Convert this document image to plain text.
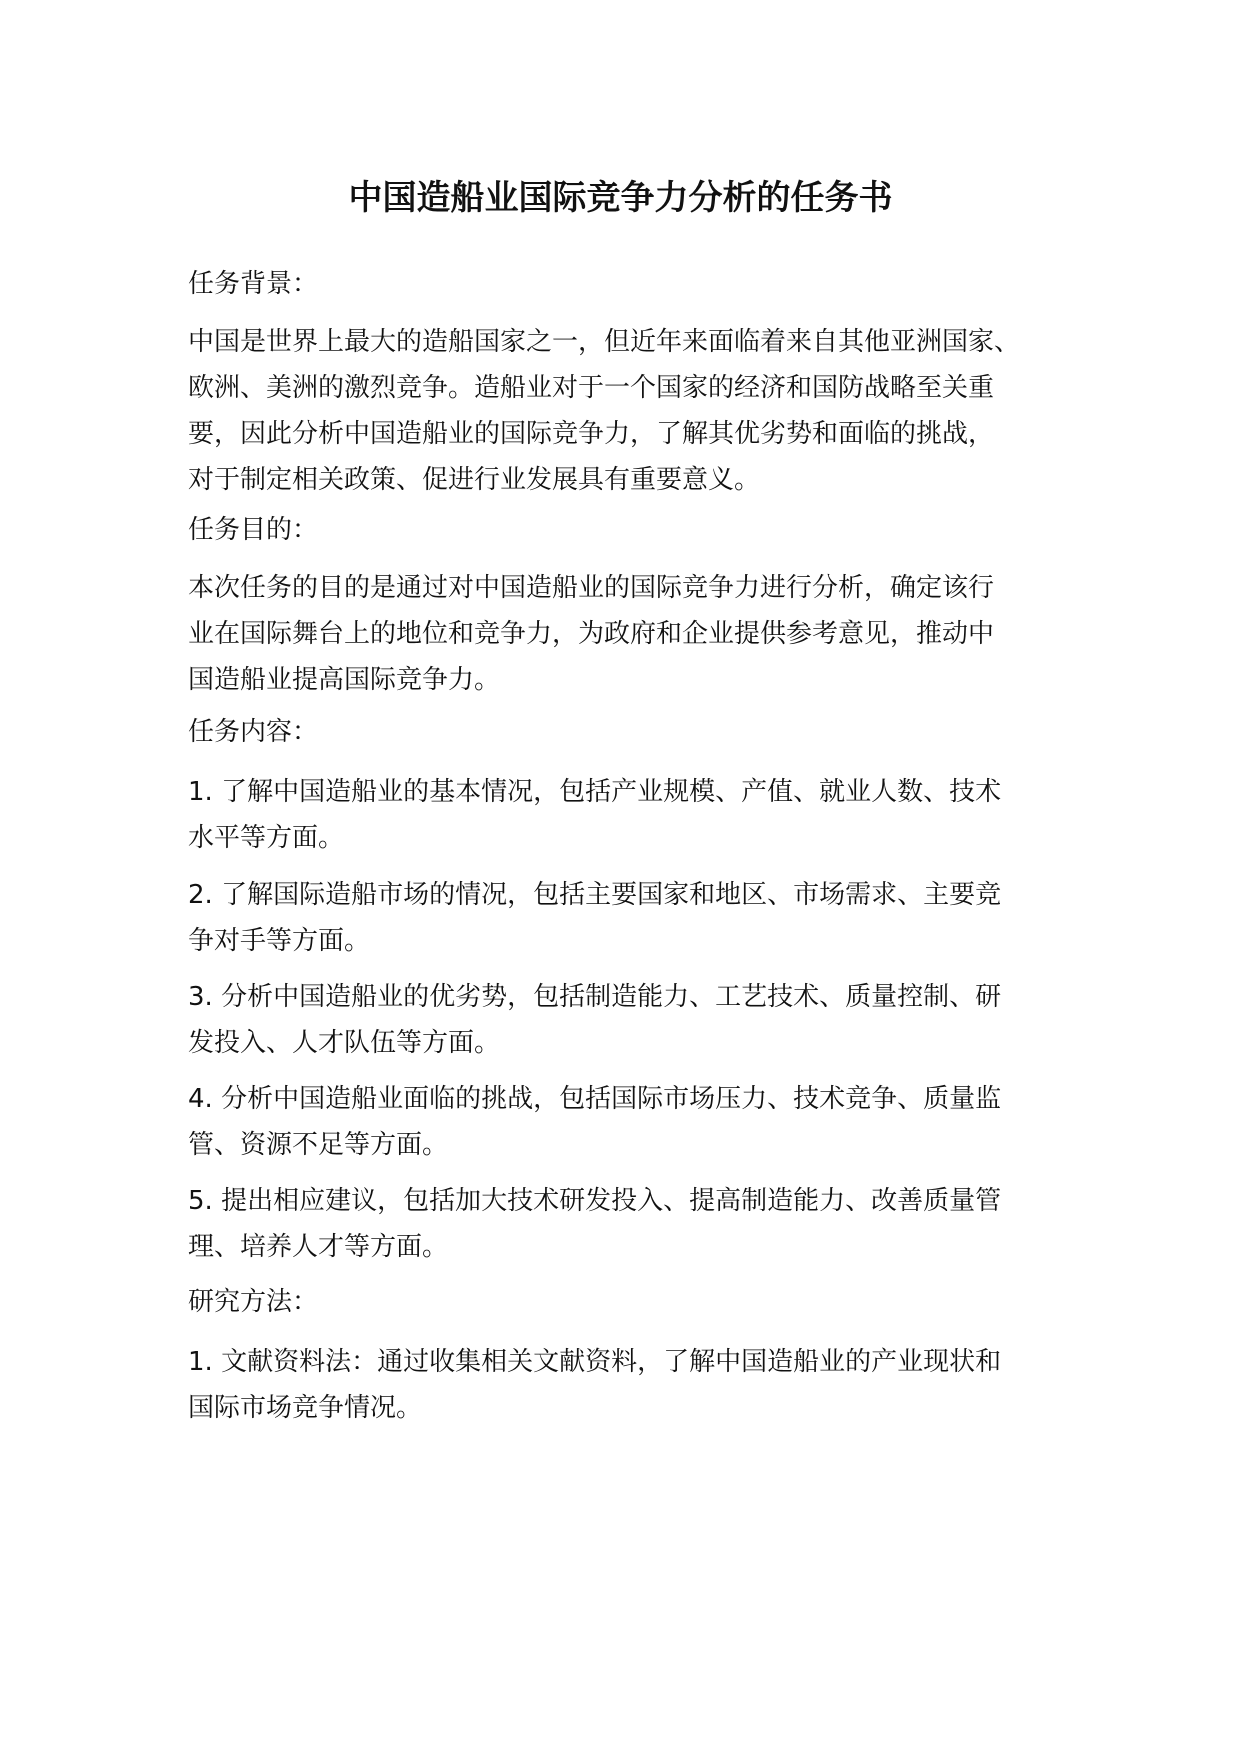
中国造船业国际竞争力分析的任务书

任务背景：

中国是世界上最大的造船国家之一，但近年来面临着来自其他亚洲国家、
欧洲、美洲的激烈竞争。造船业对于一个国家的经济和国防战略至关重
要，因此分析中国造船业的国际竞争力，了解其优劣势和面临的挑战，
对于制定相关政策、促进行业发展具有重要意义。

任务目的：

本次任务的目的是通过对中国造船业的国际竞争力进行分析，确定该行
业在国际舞台上的地位和竞争力，为政府和企业提供参考意见，推动中
国造船业提高国际竞争力。

任务内容：

1. 了解中国造船业的基本情况，包括产业规模、产值、就业人数、技术
水平等方面。
2. 了解国际造船市场的情况，包括主要国家和地区、市场需求、主要竞
争对手等方面。
3. 分析中国造船业的优劣势，包括制造能力、工艺技术、质量控制、研
发投入、人才队伍等方面。
4. 分析中国造船业面临的挑战，包括国际市场压力、技术竞争、质量监
管、资源不足等方面。
5. 提出相应建议，包括加大技术研发投入、提高制造能力、改善质量管
理、培养人才等方面。

研究方法：

1. 文献资料法：通过收集相关文献资料，了解中国造船业的产业现状和
国际市场竞争情况。
